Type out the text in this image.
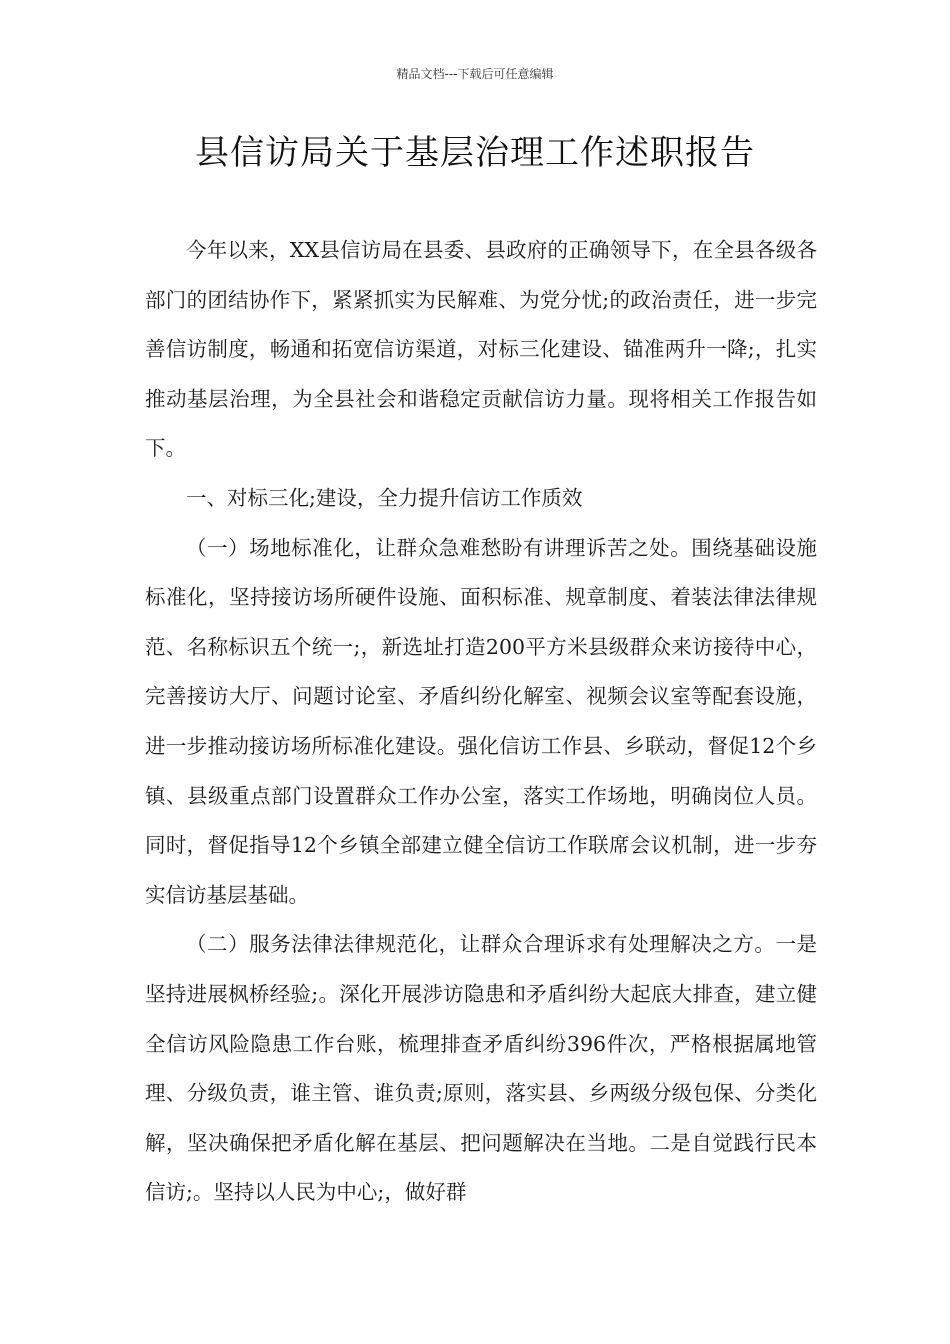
精品文档---下载后可任意编辑
县信访局关于基层治理工作述职报告

今年以来，XX县信访局在县委、县政府的正确领导下，在全县各级各部门的团结协作下，紧紧抓实为民解难、为党分忧;的政治责任，进一步完善信访制度，畅通和拓宽信访渠道，对标三化建设、锚准两升一降;，扎实推动基层治理，为全县社会和谐稳定贡献信访力量。现将相关工作报告如下。

一、对标三化;建设，全力提升信访工作质效

（一）场地标准化，让群众急难愁盼有讲理诉苦之处。围绕基础设施标准化，坚持接访场所硬件设施、面积标准、规章制度、着装法律法律规范、名称标识五个统一;，新选址打造200平方米县级群众来访接待中心，完善接访大厅、问题讨论室、矛盾纠纷化解室、视频会议室等配套设施，进一步推动接访场所标准化建设。强化信访工作县、乡联动，督促12个乡镇、县级重点部门设置群众工作办公室，落实工作场地，明确岗位人员。同时，督促指导12个乡镇全部建立健全信访工作联席会议机制，进一步夯实信访基层基础。

（二）服务法律法律规范化，让群众合理诉求有处理解决之方。一是坚持进展枫桥经验;。深化开展涉访隐患和矛盾纠纷大起底大排查，建立健全信访风险隐患工作台账，梳理排查矛盾纠纷396件次，严格根据属地管理、分级负责，谁主管、谁负责;原则，落实县、乡两级分级包保、分类化解，坚决确保把矛盾化解在基层、把问题解决在当地。二是自觉践行民本信访;。坚持以人民为中心;，做好群
